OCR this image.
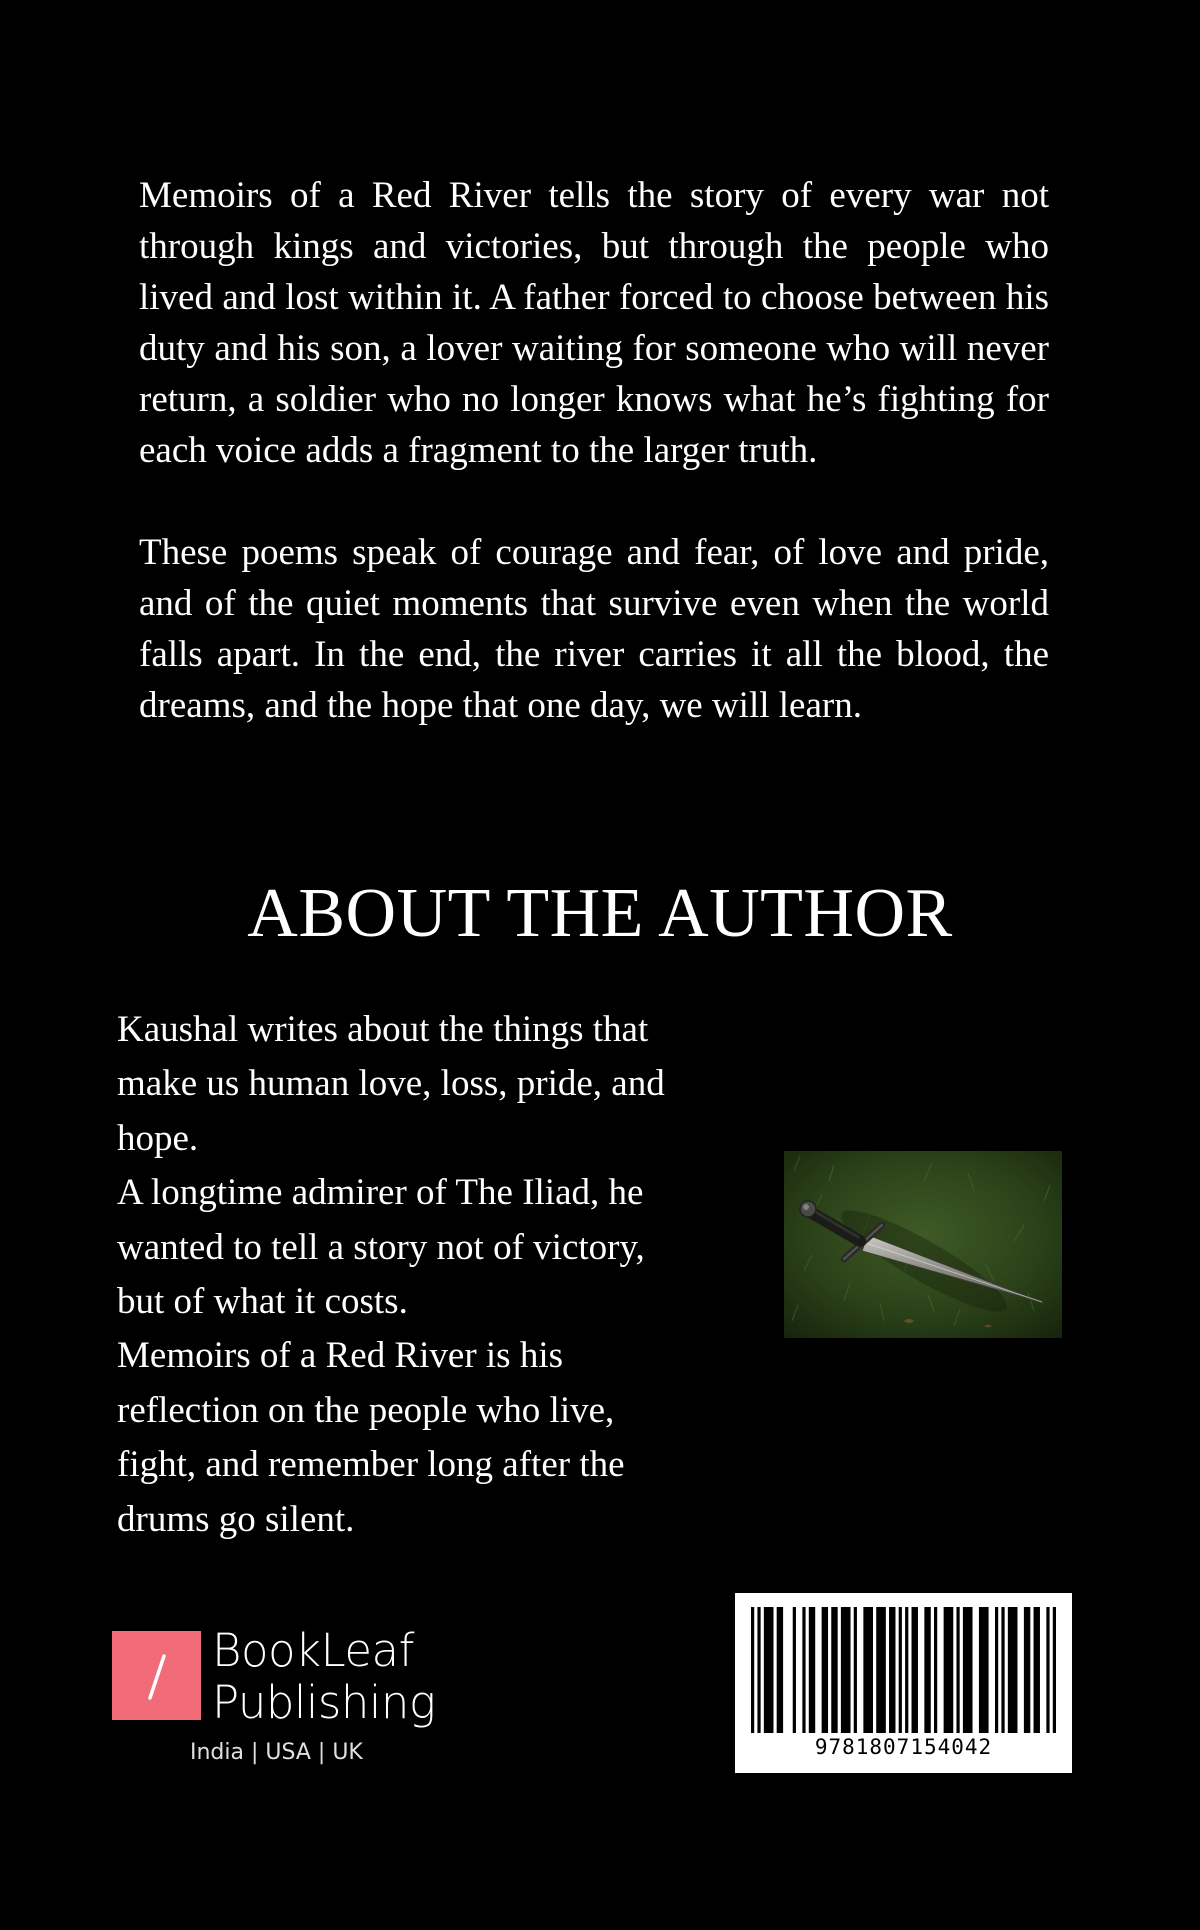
Memoirs of a Red River tells the story of every war not through kings and victories, but through the people who lived and lost within it. A father forced to choose between his duty and his son, a lover waiting for someone who will never return, a soldier who no longer knows what he’s fighting for each voice adds a fragment to the larger truth.

These poems speak of courage and fear, of love and pride, and of the quiet moments that survive even when the world falls apart. In the end, the river carries it all the blood, the dreams, and the hope that one day, we will learn.

ABOUT THE AUTHOR
Kaushal writes about the things that
make us human love, loss, pride, and
hope.
A longtime admirer of The Iliad, he
wanted to tell a story not of victory,
but of what it costs.
Memoirs of a Red River is his
reflection on the people who live,
fight, and remember long after the
drums go silent.
BookLeaf
Publishing
India | USA | UK	9781807154042
